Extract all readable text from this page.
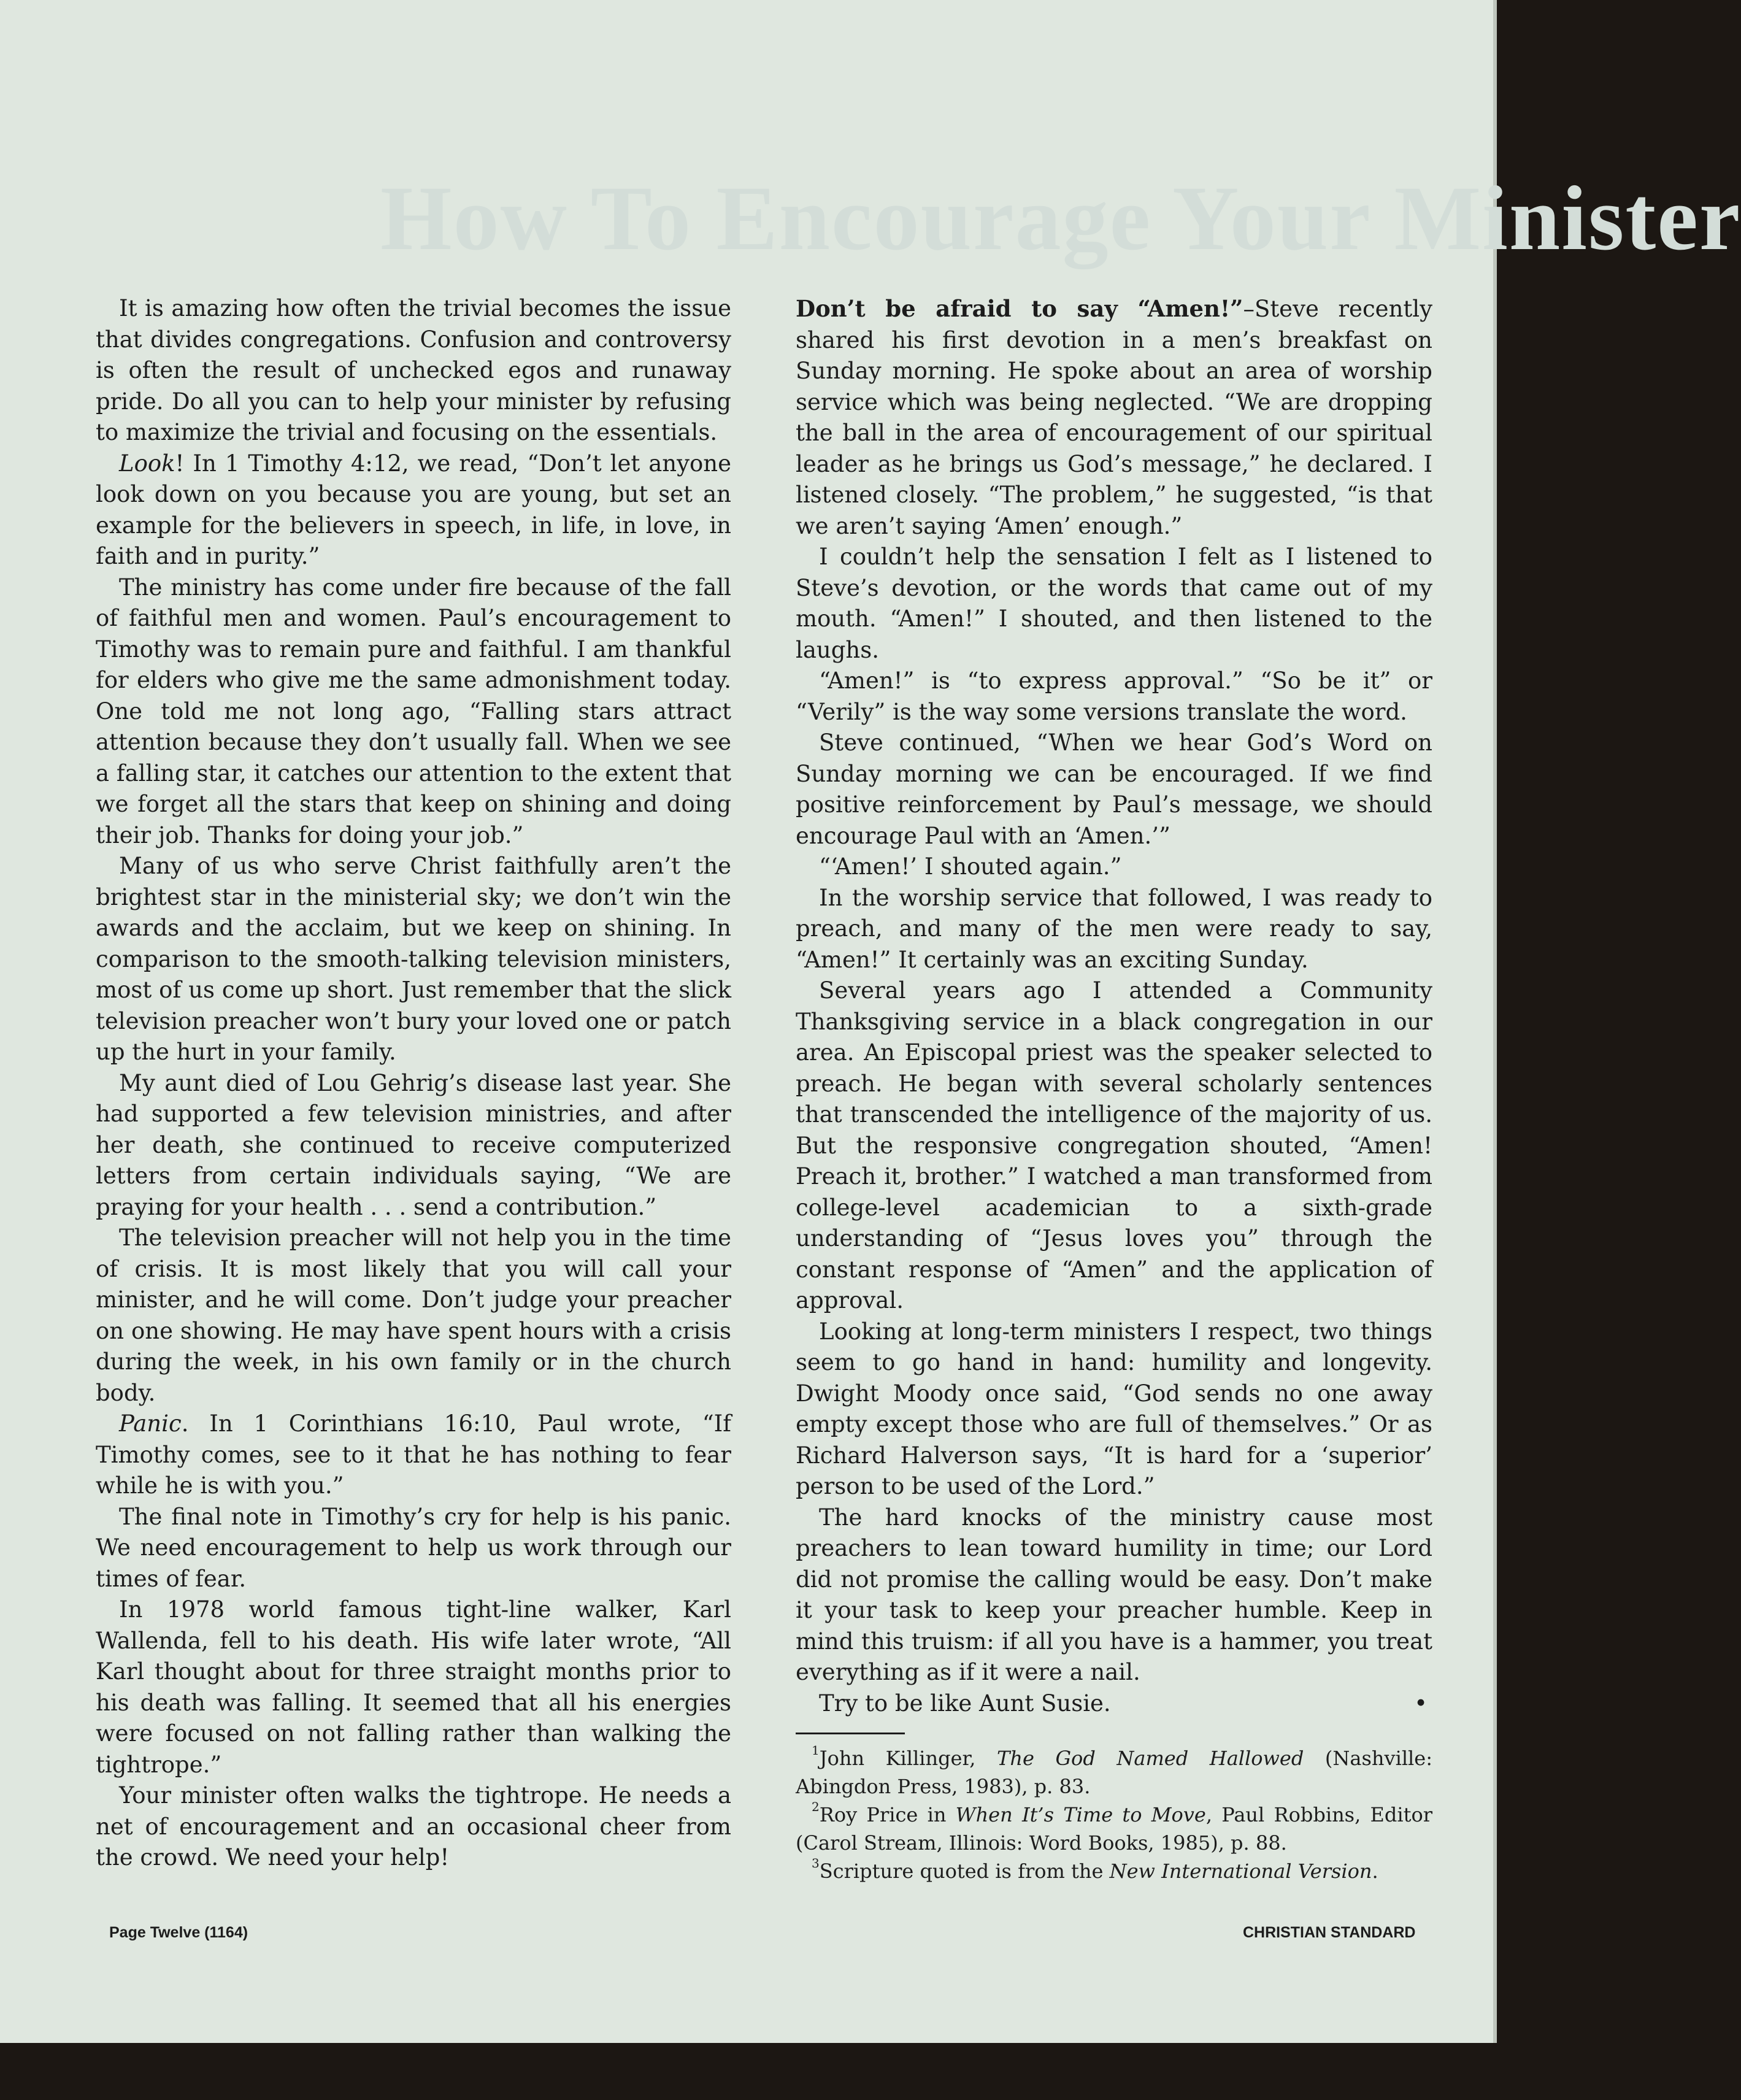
How To Encourage Your Minister

It is amazing how often the trivial becomes the issue that divides congregations. Confusion and controversy is often the result of unchecked egos and runaway pride. Do all you can to help your minister by refusing to maximize the trivial and focusing on the essentials.

Look! In 1 Timothy 4:12, we read, “Don’t let anyone look down on you because you are young, but set an example for the believers in speech, in life, in love, in faith and in purity.”

The ministry has come under fire because of the fall of faithful men and women. Paul’s encouragement to Timothy was to remain pure and faithful. I am thankful for elders who give me the same admonishment today. One told me not long ago, “Falling stars attract attention because they don’t usually fall. When we see a falling star, it catches our attention to the extent that we forget all the stars that keep on shining and doing their job. Thanks for doing your job.”

Many of us who serve Christ faithfully aren’t the brightest star in the ministerial sky; we don’t win the awards and the acclaim, but we keep on shining. In comparison to the smooth-talking television ministers, most of us come up short. Just remember that the slick television preacher won’t bury your loved one or patch up the hurt in your family.

My aunt died of Lou Gehrig’s disease last year. She had supported a few television ministries, and after her death, she continued to receive computerized letters from certain individuals saying, “We are praying for your health . . . send a contribution.”

The television preacher will not help you in the time of crisis. It is most likely that you will call your minister, and he will come. Don’t judge your preacher on one showing. He may have spent hours with a crisis during the week, in his own family or in the church body.

Panic. In 1 Corinthians 16:10, Paul wrote, “If Timothy comes, see to it that he has nothing to fear while he is with you.”

The final note in Timothy’s cry for help is his panic. We need encouragement to help us work through our times of fear.

In 1978 world famous tight-line walker, Karl Wallenda, fell to his death. His wife later wrote, “All Karl thought about for three straight months prior to his death was falling. It seemed that all his energies were focused on not falling rather than walking the tightrope.”

Your minister often walks the tightrope. He needs a net of encouragement and an occasional cheer from the crowd. We need your help!

Don’t be afraid to say “Amen!”–Steve recently shared his first devotion in a men’s breakfast on Sunday morning. He spoke about an area of worship service which was being neglected. “We are dropping the ball in the area of encouragement of our spiritual leader as he brings us God’s message,” he declared. I listened closely. “The problem,” he suggested, “is that we aren’t saying ‘Amen’ enough.”

I couldn’t help the sensation I felt as I listened to Steve’s devotion, or the words that came out of my mouth. “Amen!” I shouted, and then listened to the laughs.

“Amen!” is “to express approval.” “So be it” or “Verily” is the way some versions translate the word.

Steve continued, “When we hear God’s Word on Sunday morning we can be encouraged. If we find positive reinforcement by Paul’s message, we should encourage Paul with an ‘Amen.’”

“‘Amen!’ I shouted again.”

In the worship service that followed, I was ready to preach, and many of the men were ready to say, “Amen!” It certainly was an exciting Sunday.

Several years ago I attended a Community Thanksgiving service in a black congregation in our area. An Episcopal priest was the speaker selected to preach. He began with several scholarly sentences that transcended the intelligence of the majority of us. But the responsive congregation shouted, “Amen! Preach it, brother.” I watched a man transformed from college-level academician to a sixth-grade understanding of “Jesus loves you” through the constant response of “Amen” and the application of approval.

Looking at long-term ministers I respect, two things seem to go hand in hand: humility and longevity. Dwight Moody once said, “God sends no one away empty except those who are full of themselves.” Or as Richard Halverson says, “It is hard for a ‘superior’ person to be used of the Lord.”

The hard knocks of the ministry cause most preachers to lean toward humility in time; our Lord did not promise the calling would be easy. Don’t make it your task to keep your preacher humble. Keep in mind this truism: if all you have is a hammer, you treat everything as if it were a nail.

Try to be like Aunt Susie.	•

$^1$John Killinger, The God Named Hallowed (Nashville: Abingdon Press, 1983), p. 83.
$^2$Roy Price in When It’s Time to Move, Paul Robbins, Editor (Carol Stream, Illinois: Word Books, 1985), p. 88.
$^3$Scripture quoted is from the New International Version.
Page Twelve (1164)	CHRISTIAN STANDARD
